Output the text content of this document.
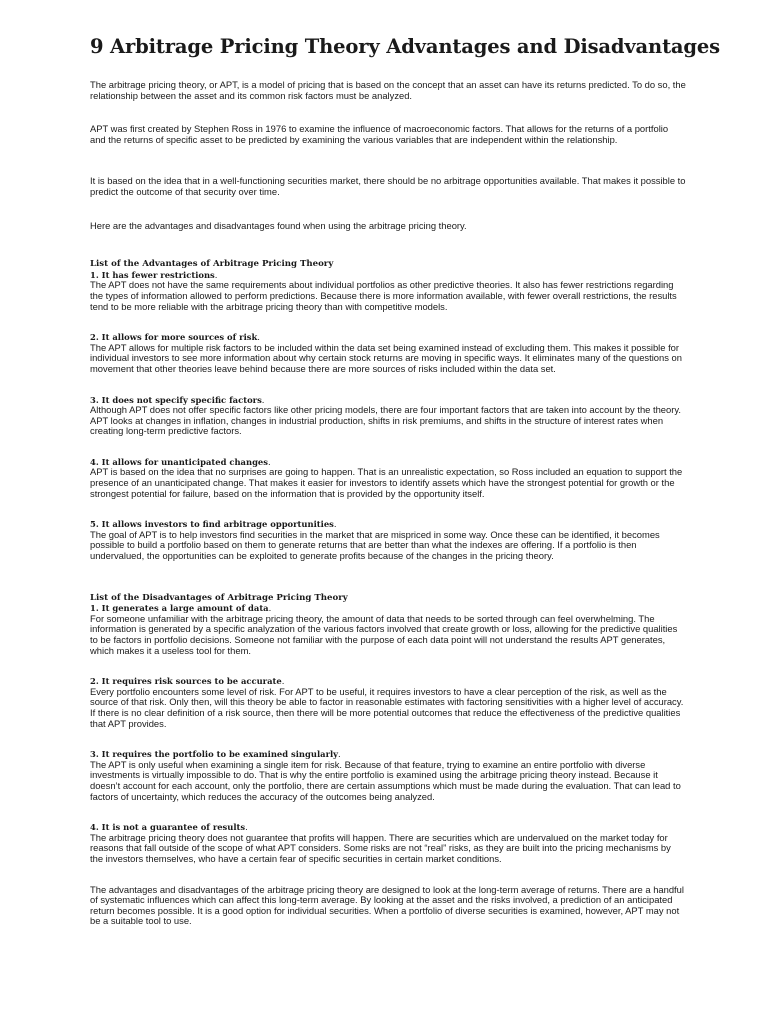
9 Arbitrage Pricing Theory Advantages and Disadvantages

The arbitrage pricing theory, or APT, is a model of pricing that is based on the concept that an asset can have its returns predicted. To do so, the relationship between the asset and its common risk factors must be analyzed.

APT was first created by Stephen Ross in 1976 to examine the influence of macroeconomic factors. That allows for the returns of a portfolio and the returns of specific asset to be predicted by examining the various variables that are independent within the relationship.

It is based on the idea that in a well-functioning securities market, there should be no arbitrage opportunities available. That makes it possible to predict the outcome of that security over time.

Here are the advantages and disadvantages found when using the arbitrage pricing theory.

List of the Advantages of Arbitrage Pricing Theory
1. It has fewer restrictions.

The APT does not have the same requirements about individual portfolios as other predictive theories. It also has fewer restrictions regarding the types of information allowed to perform predictions. Because there is more information available, with fewer overall restrictions, the results tend to be more reliable with the arbitrage pricing theory than with competitive models.

2. It allows for more sources of risk.

The APT allows for multiple risk factors to be included within the data set being examined instead of excluding them. This makes it possible for individual investors to see more information about why certain stock returns are moving in specific ways. It eliminates many of the questions on movement that other theories leave behind because there are more sources of risks included within the data set.

3. It does not specify specific factors.

Although APT does not offer specific factors like other pricing models, there are four important factors that are taken into account by the theory. APT looks at changes in inflation, changes in industrial production, shifts in risk premiums, and shifts in the structure of interest rates when creating long-term predictive factors.

4. It allows for unanticipated changes.

APT is based on the idea that no surprises are going to happen. That is an unrealistic expectation, so Ross included an equation to support the presence of an unanticipated change. That makes it easier for investors to identify assets which have the strongest potential for growth or the strongest potential for failure, based on the information that is provided by the opportunity itself.

5. It allows investors to find arbitrage opportunities.

The goal of APT is to help investors find securities in the market that are mispriced in some way. Once these can be identified, it becomes possible to build a portfolio based on them to generate returns that are better than what the indexes are offering. If a portfolio is then undervalued, the opportunities can be exploited to generate profits because of the changes in the pricing theory.

List of the Disadvantages of Arbitrage Pricing Theory
1. It generates a large amount of data.

For someone unfamiliar with the arbitrage pricing theory, the amount of data that needs to be sorted through can feel overwhelming. The information is generated by a specific analyzation of the various factors involved that create growth or loss, allowing for the predictive qualities to be factors in portfolio decisions. Someone not familiar with the purpose of each data point will not understand the results APT generates, which makes it a useless tool for them.

2. It requires risk sources to be accurate.

Every portfolio encounters some level of risk. For APT to be useful, it requires investors to have a clear perception of the risk, as well as the source of that risk. Only then, will this theory be able to factor in reasonable estimates with factoring sensitivities with a higher level of accuracy. If there is no clear definition of a risk source, then there will be more potential outcomes that reduce the effectiveness of the predictive qualities that APT provides.

3. It requires the portfolio to be examined singularly.

The APT is only useful when examining a single item for risk. Because of that feature, trying to examine an entire portfolio with diverse investments is virtually impossible to do. That is why the entire portfolio is examined using the arbitrage pricing theory instead. Because it doesn’t account for each account, only the portfolio, there are certain assumptions which must be made during the evaluation. That can lead to factors of uncertainty, which reduces the accuracy of the outcomes being analyzed.

4. It is not a guarantee of results.

The arbitrage pricing theory does not guarantee that profits will happen. There are securities which are undervalued on the market today for reasons that fall outside of the scope of what APT considers. Some risks are not “real” risks, as they are built into the pricing mechanisms by the investors themselves, who have a certain fear of specific securities in certain market conditions.

The advantages and disadvantages of the arbitrage pricing theory are designed to look at the long-term average of returns. There are a handful of systematic influences which can affect this long-term average. By looking at the asset and the risks involved, a prediction of an anticipated return becomes possible. It is a good option for individual securities. When a portfolio of diverse securities is examined, however, APT may not be a suitable tool to use.
